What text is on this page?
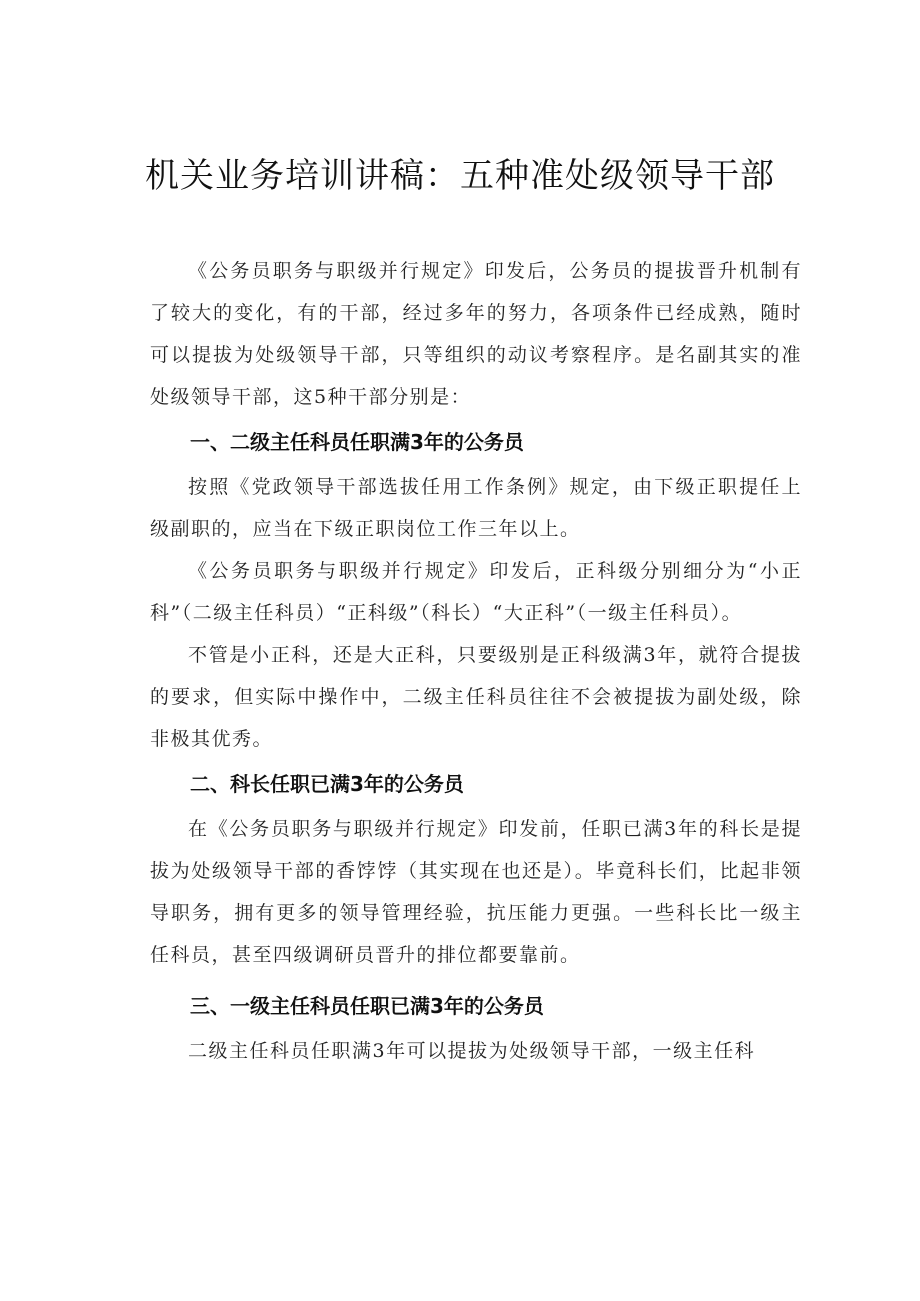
机关业务培训讲稿：五种准处级领导干部

《公务员职务与职级并行规定》印发后，公务员的提拔晋升机制有了较大的变化，有的干部，经过多年的努力，各项条件已经成熟，随时可以提拔为处级领导干部，只等组织的动议考察程序。是名副其实的准处级领导干部，这5种干部分别是：

一、二级主任科员任职满3年的公务员

按照《党政领导干部选拔任用工作条例》规定，由下级正职提任上级副职的，应当在下级正职岗位工作三年以上。

《公务员职务与职级并行规定》印发后，正科级分别细分为“小正科”（二级主任科员）“正科级”（科长）“大正科”（一级主任科员）。

不管是小正科，还是大正科，只要级别是正科级满3年，就符合提拔的要求，但实际中操作中，二级主任科员往往不会被提拔为副处级，除非极其优秀。

二、科长任职已满3年的公务员

在《公务员职务与职级并行规定》印发前，任职已满3年的科长是提拔为处级领导干部的香饽饽（其实现在也还是）。毕竟科长们，比起非领导职务，拥有更多的领导管理经验，抗压能力更强。一些科长比一级主任科员，甚至四级调研员晋升的排位都要靠前。

三、一级主任科员任职已满3年的公务员

二级主任科员任职满3年可以提拔为处级领导干部，一级主任科
